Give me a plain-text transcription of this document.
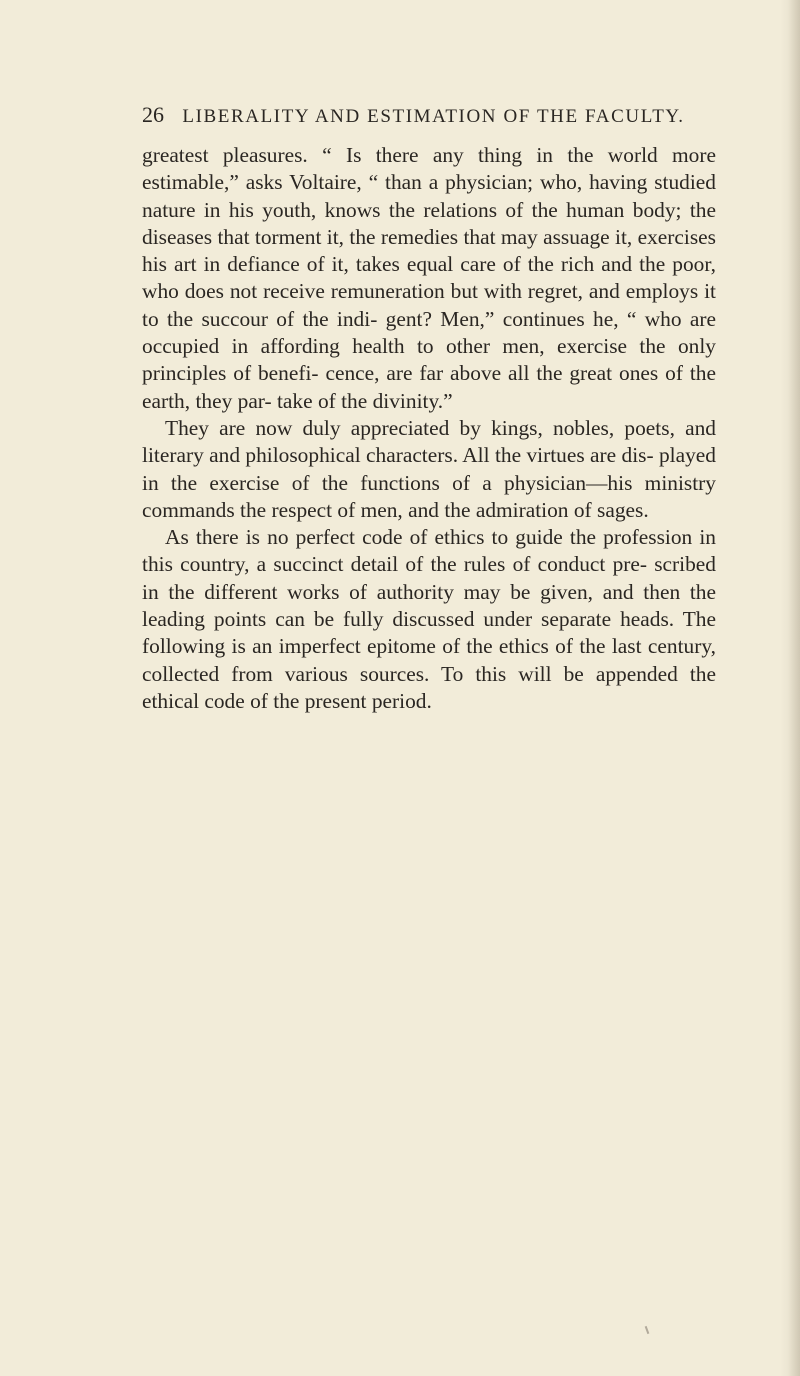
26 LIBERALITY AND ESTIMATION OF THE FACULTY.

greatest pleasures. “ Is there any thing in the world more estimable,” asks Voltaire, “ than a physician; who, having studied nature in his youth, knows the relations of the human body; the diseases that torment it, the remedies that may assuage it, exercises his art in defiance of it, takes equal care of the rich and the poor, who does not receive remuneration but with regret, and employs it to the succour of the indi- gent? Men,” continues he, “ who are occupied in affording health to other men, exercise the only principles of benefi- cence, are far above all the great ones of the earth, they par- take of the divinity.”

They are now duly appreciated by kings, nobles, poets, and literary and philosophical characters. All the virtues are dis- played in the exercise of the functions of a physician—his ministry commands the respect of men, and the admiration of sages.

As there is no perfect code of ethics to guide the profession in this country, a succinct detail of the rules of conduct pre- scribed in the different works of authority may be given, and then the leading points can be fully discussed under separate heads. The following is an imperfect epitome of the ethics of the last century, collected from various sources. To this will be appended the ethical code of the present period.
